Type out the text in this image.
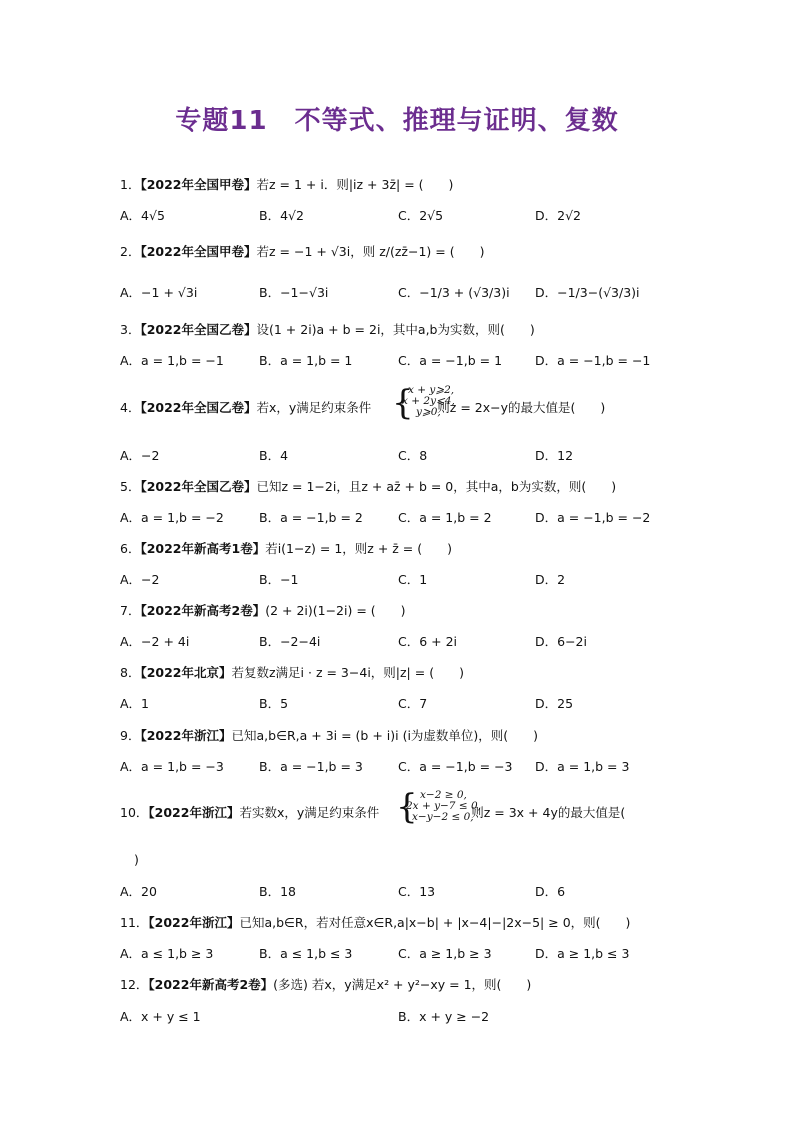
专题11　不等式、推理与证明、复数
1．【2022年全国甲卷】若z = 1 + i．则|iz + 3z̄| = (　　)
A．4√5	B．4√2	C．2√5	D．2√2
2．【2022年全国甲卷】若z = −1 + √3i，则 z/(zz̄−1) = (　　)
A．−1 + √3i	B．−1−√3i	C．−1/3 + (√3/3)i D．−1/3−(√3/3)i
3．【2022年全国乙卷】设(1 + 2i)a + b = 2i，其中a,b为实数，则(　　)
A．a = 1,b = −1	B．a = 1,b = 1	C．a = −1,b = 1	D．a = −1,b = −1
4．【2022年全国乙卷】若x，y满足约束条件	则z = 2x−y的最大值是(　　)
{
x + y⩾2,
x + 2y⩽4,
y⩾0,
A．−2	B．4	C．8	D．12
5．【2022年全国乙卷】已知z = 1−2i，且z + az̄ + b = 0，其中a，b为实数，则(　　)
A．a = 1,b = −2	B．a = −1,b = 2	C．a = 1,b = 2	D．a = −1,b = −2
6．【2022年新高考1卷】若i(1−z) = 1，则z + z̄ = (　　)
A．−2	B．−1	C．1	D．2
7．【2022年新高考2卷】(2 + 2i)(1−2i) = (　　)
A．−2 + 4i	B．−2−4i	C．6 + 2i	D．6−2i
8．【2022年北京】若复数z满足i · z = 3−4i，则|z| = (　　)
A．1	B．5	C．7	D．25
9．【2022年浙江】已知a,b∈R,a + 3i = (b + i)i (i为虚数单位)，则(　　)
A．a = 1,b = −3	B．a = −1,b = 3	C．a = −1,b = −3 D．a = 1,b = 3
10．【2022年浙江】若实数x，y满足约束条件	则z = 3x + 4y的最大值是(
{ x−2 ≥ 0,
2x + y−7 ≤ 0,
x−y−2 ≤ 0,
)
A．20	B．18	C．13	D．6
11．【2022年浙江】已知a,b∈R，若对任意x∈R,a|x−b| + |x−4|−|2x−5| ≥ 0，则(　　)
A．a ≤ 1,b ≥ 3	B．a ≤ 1,b ≤ 3	C．a ≥ 1,b ≥ 3	D．a ≥ 1,b ≤ 3
12．【2022年新高考2卷】(多选) 若x，y满足x² + y²−xy = 1，则(　　)
A．x + y ≤ 1	B．x + y ≥ −2
